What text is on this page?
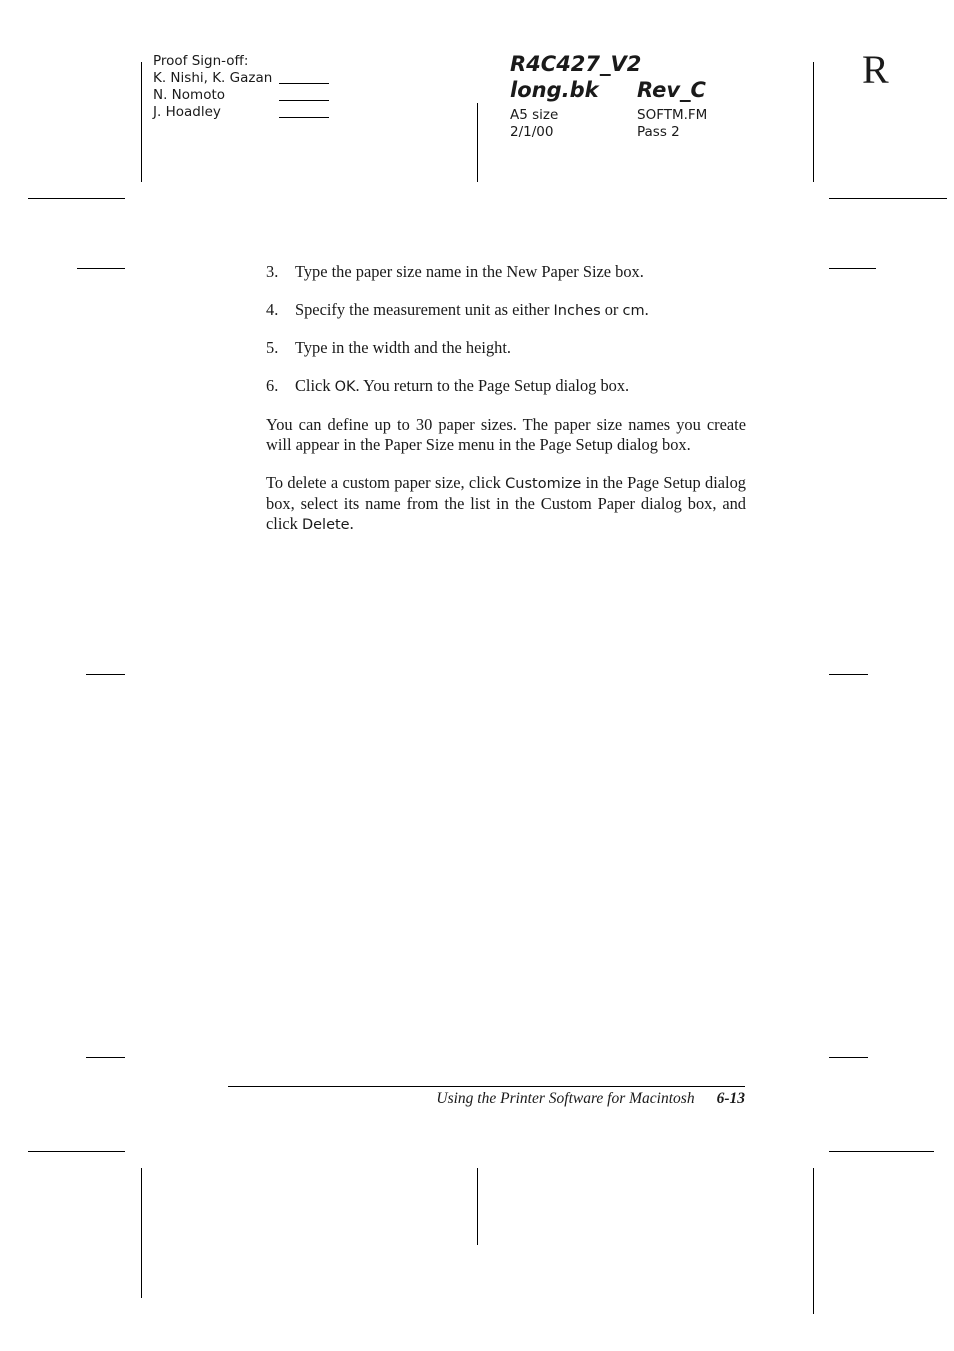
Proof Sign-off:
K. Nishi, K. Gazan
N. Nomoto
J. Hoadley
R4C427_V2
long.bk	Rev_C
A5 size	SOFTM.FM
2/1/00	Pass 2
R
3.	Type the paper size name in the New Paper Size box.
4.	Specify the measurement unit as either Inches or cm.
5.	Type in the width and the height.
6.	Click OK. You return to the Page Setup dialog box.
You can define up to 30 paper sizes. The paper size names you create will appear in the Paper Size menu in the Page Setup dialog box.
To delete a custom paper size, click Customize in the Page Setup dialog box, select its name from the list in the Custom Paper dialog box, and click Delete.
Using the Printer Software for Macintosh 6-13
